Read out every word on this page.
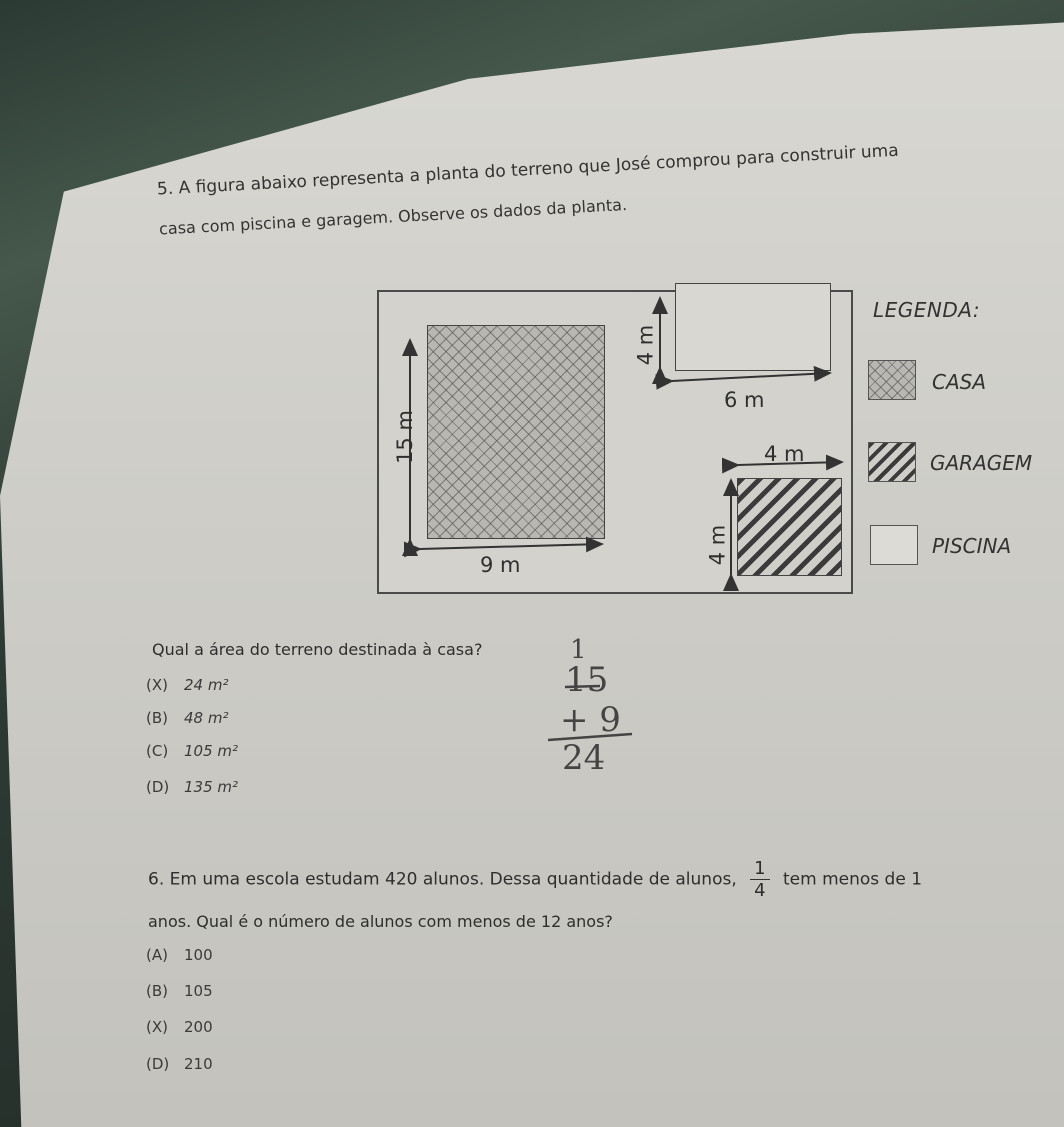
5. A figura abaixo representa a planta do terreno que José comprou para construir uma
casa com piscina e garagem. Observe os dados da planta.
15 m
9 m
4 m
6 m
4 m
4 m
LEGENDA:
CASA
GARAGEM
PISCINA
Qual a área do terreno destinada à casa?
(X) 24 m²
(B) 48 m²
(C) 105 m²
(D) 135 m²
1
15
+ 9
24
6. Em uma escola estudam 420 alunos. Dessa quantidade de alunos, $\frac{1}{4}$ tem menos de 1
anos. Qual é o número de alunos com menos de 12 anos?
(A) 100
(B) 105
(X) 200
(D) 210
